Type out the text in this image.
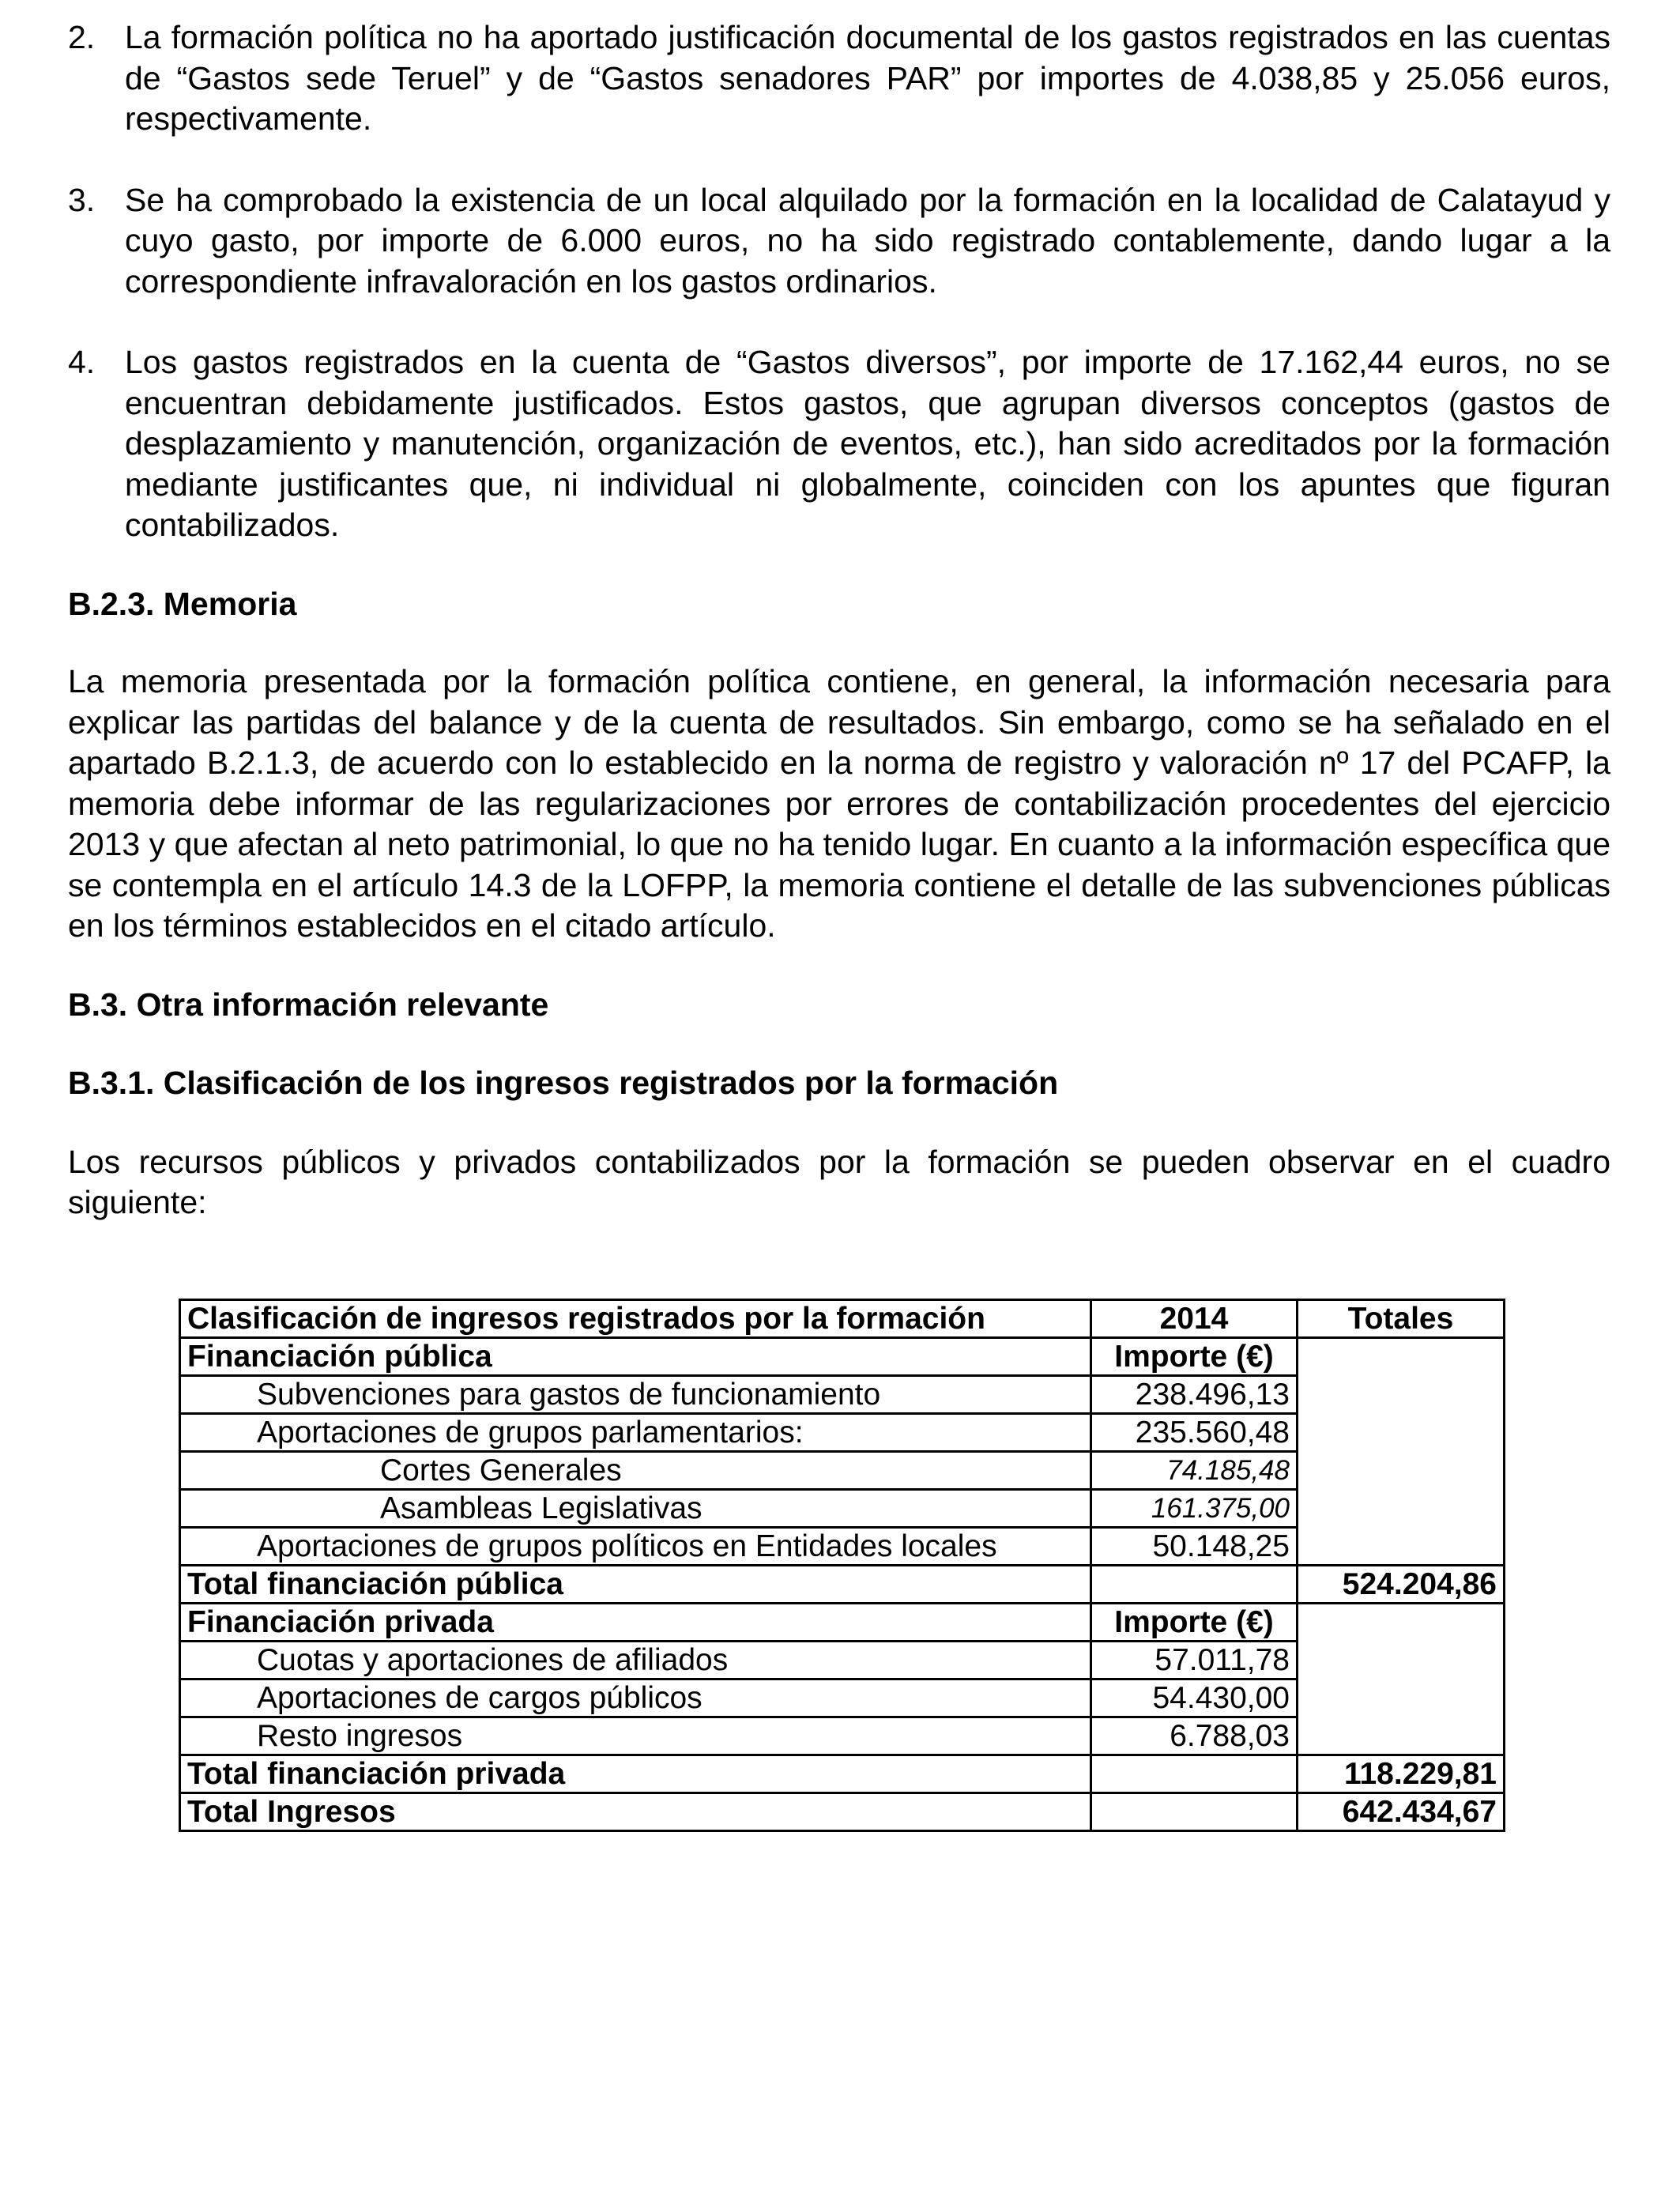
2. La formación política no ha aportado justificación documental de los gastos registrados en las cuentas de “Gastos sede Teruel” y de “Gastos senadores PAR” por importes de 4.038,85 y 25.056 euros, respectivamente.
3. Se ha comprobado la existencia de un local alquilado por la formación en la localidad de Calatayud y cuyo gasto, por importe de 6.000 euros, no ha sido registrado contablemente, dando lugar a la correspondiente infravaloración en los gastos ordinarios.
4. Los gastos registrados en la cuenta de “Gastos diversos”, por importe de 17.162,44 euros, no se encuentran debidamente justificados. Estos gastos, que agrupan diversos conceptos (gastos de desplazamiento y manutención, organización de eventos, etc.), han sido acreditados por la formación mediante justificantes que, ni individual ni globalmente, coinciden con los apuntes que figuran contabilizados.
B.2.3. Memoria

La memoria presentada por la formación política contiene, en general, la información necesaria para explicar las partidas del balance y de la cuenta de resultados. Sin embargo, como se ha señalado en el apartado B.2.1.3, de acuerdo con lo establecido en la norma de registro y valoración nº 17 del PCAFP, la memoria debe informar de las regularizaciones por errores de contabilización procedentes del ejercicio 2013 y que afectan al neto patrimonial, lo que no ha tenido lugar. En cuanto a la información específica que se contempla en el artículo 14.3 de la LOFPP, la memoria contiene el detalle de las subvenciones públicas en los términos establecidos en el citado artículo.

B.3. Otra información relevante
B.3.1. Clasificación de los ingresos registrados por la formación

Los recursos públicos y privados contabilizados por la formación se pueden observar en el cuadro siguiente:

Clasificación de ingresos registrados por la formación	2014	Totales
Financiación pública	Importe (€)	
Subvenciones para gastos de funcionamiento	238.496,13	
Aportaciones de grupos parlamentarios:	235.560,48	
Cortes Generales	74.185,48	
Asambleas Legislativas	161.375,00	
Aportaciones de grupos políticos en Entidades locales	50.148,25	
Total financiación pública		524.204,86
Financiación privada	Importe (€)	
Cuotas y aportaciones de afiliados	57.011,78	
Aportaciones de cargos públicos	54.430,00	
Resto ingresos	6.788,03	
Total financiación privada		118.229,81
Total Ingresos		642.434,67
